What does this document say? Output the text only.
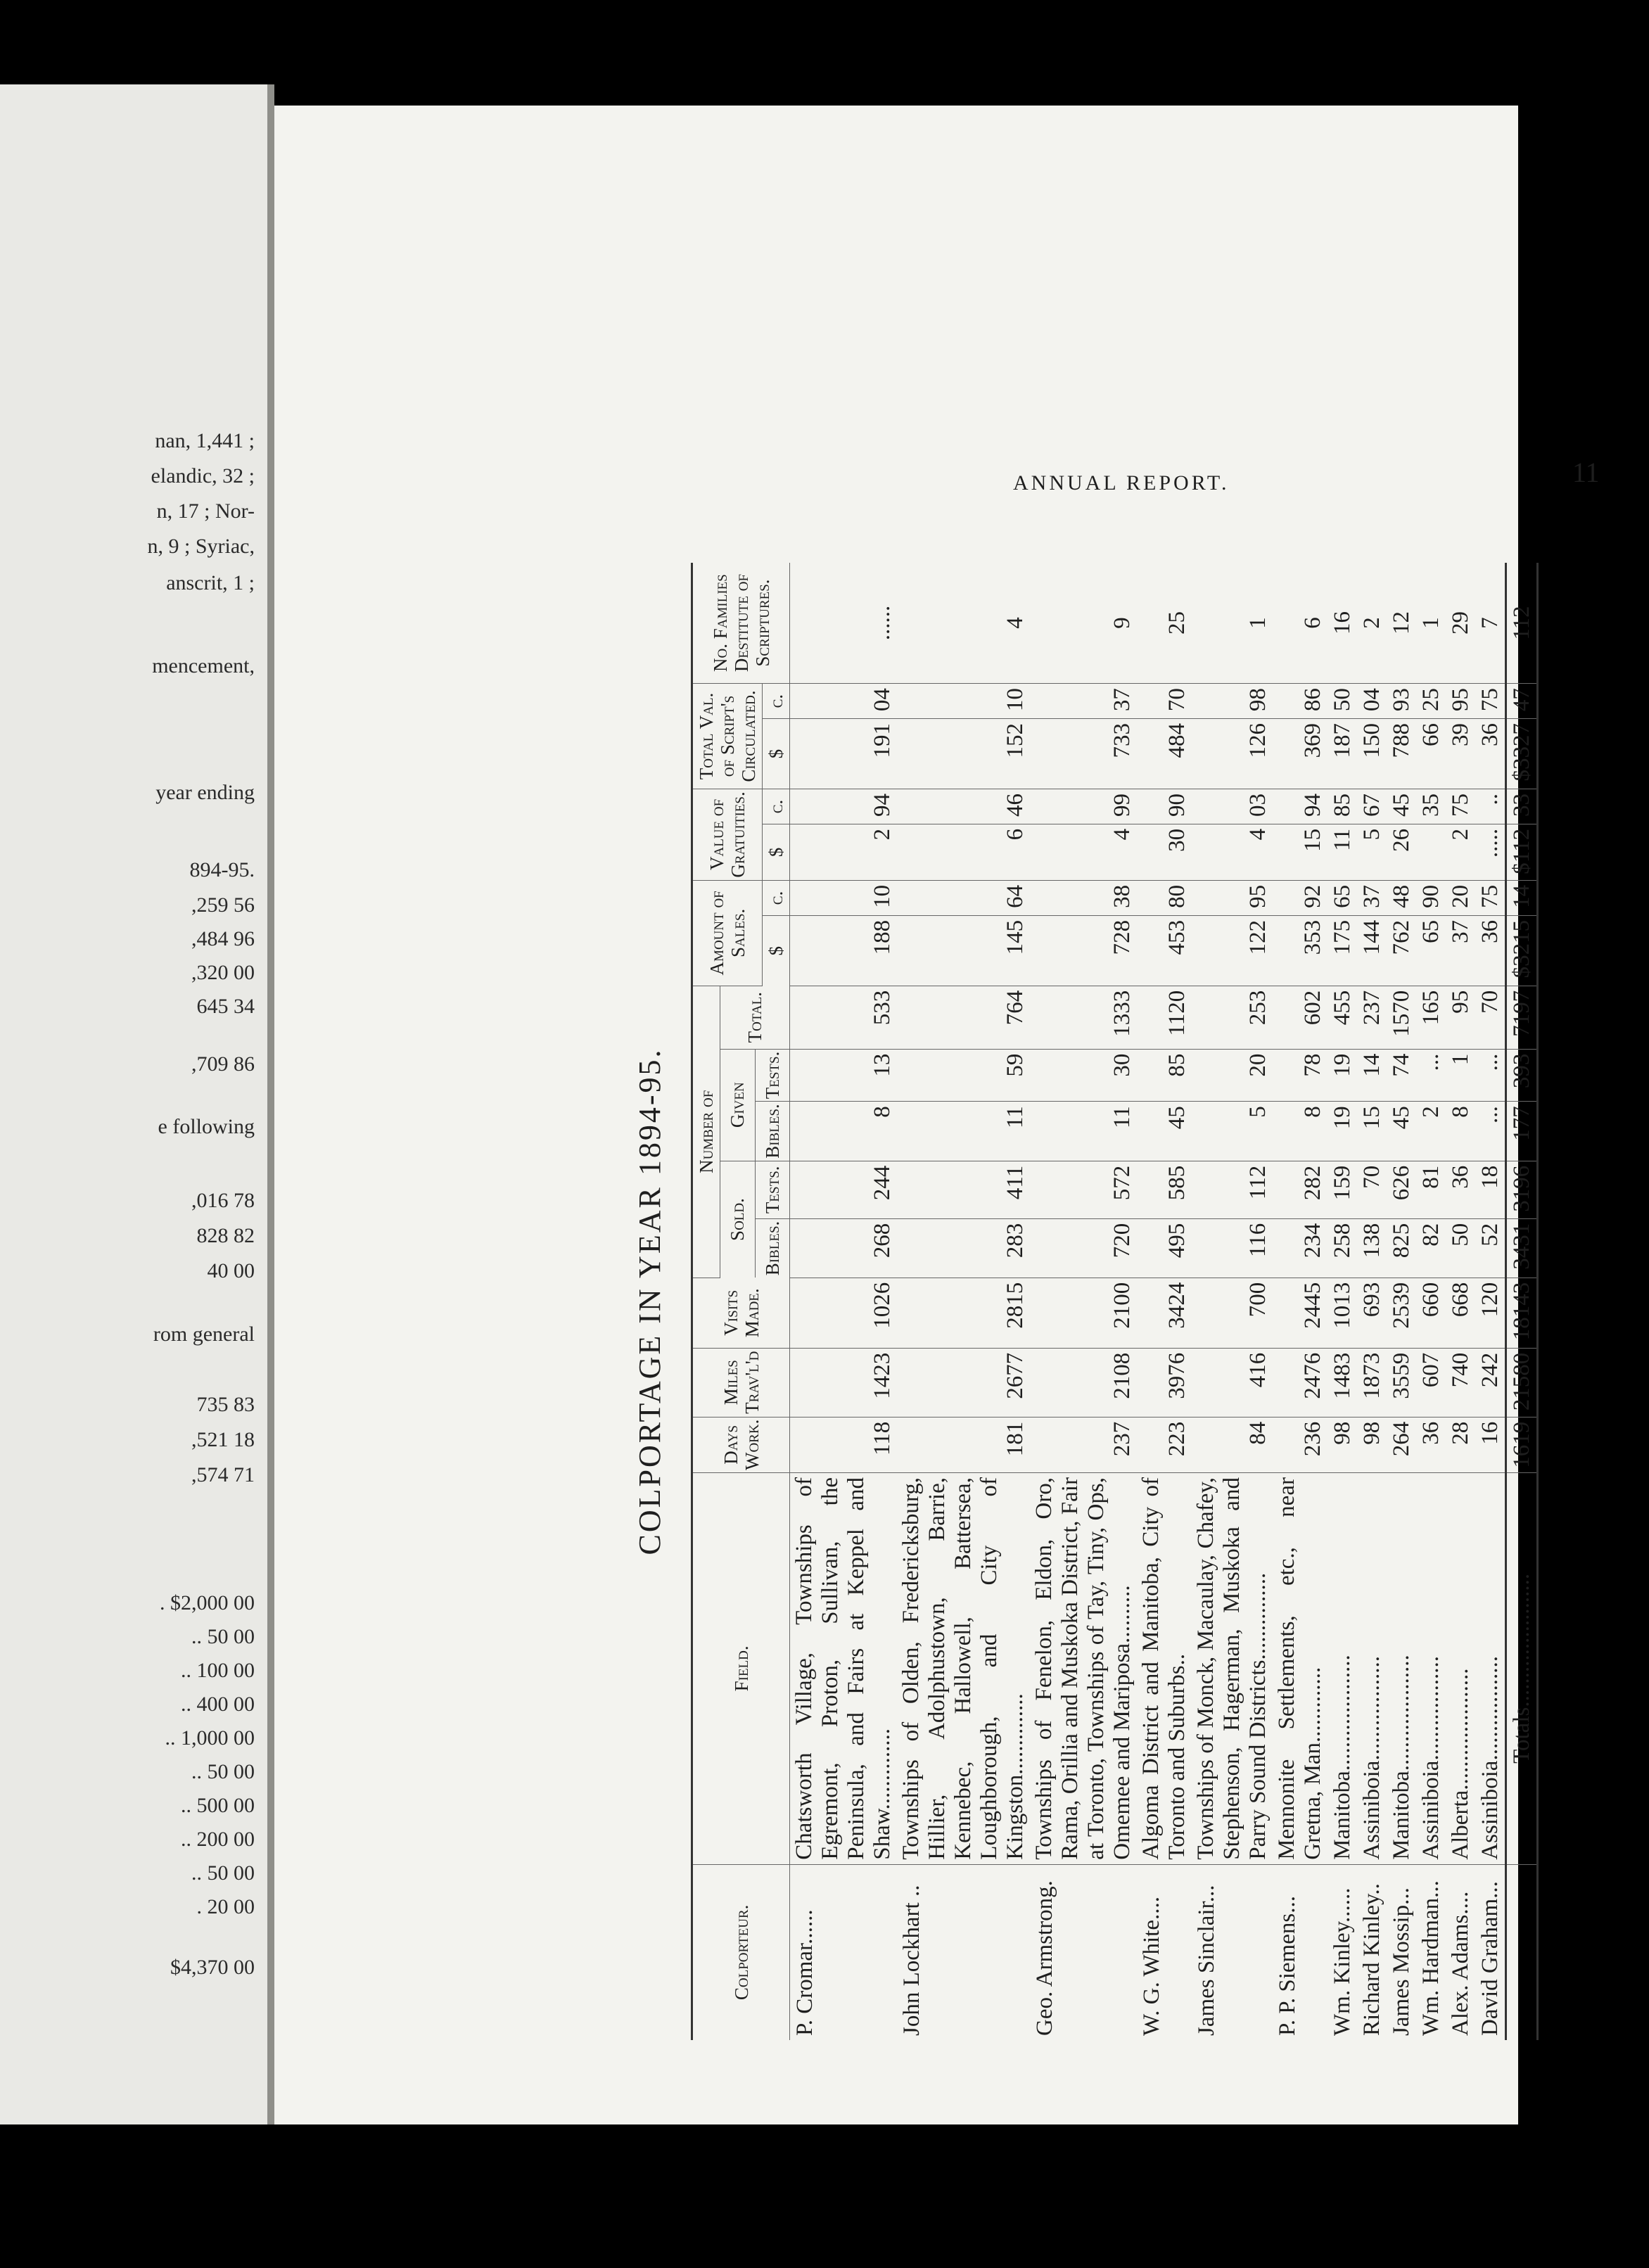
nan, 1,441 ;
elandic, 32 ;
n, 17 ; Nor-
n, 9 ; Syriac,
anscrit, 1 ;
mencement,
year ending
894-95.
,259 56
,484 96
,320 00
645 34
,709 86
e following
,016 78
828 82
40 00
rom general
735 83
,521 18
,574 71
. $2,000 00
.. 50 00
.. 100 00
.. 400 00
.. 1,000 00
.. 50 00
.. 500 00
.. 200 00
.. 50 00
. 20 00
$4,370 00
ANNUAL REPORT.	11
COLPORTAGE IN YEAR 1894-95.
Colporteur.	Field.	Days Work.	Miles Trav'l'd	Visits Made.	Number of					Amount of Sales.		Value of Gratuities.		Total Val. of Script's Circulated.		No. Families Destitute of Scriptures.
					Sold.		Given		Total.							
					Bibles.	Tests.	Bibles.	Tests.								
										$	c.	$	c.	$	c.	
P. Cromar......	Chatsworth Village, Townships of Egremont, Proton, Sullivan, the Peninsula, and Fairs at Keppel and Shaw..............	118	1423	1026	268	244	8	13	533	188	10	2	94	191	04	......
John Lockhart ..	Townships of Olden, Fredericksburg, Hillier, Adolphustown, Barrie, Kennebec, Hallowell, Battersea, Loughborough, and City of Kingston..............	181	2677	2815	283	411	11	59	764	145	64	6	46	152	10	4
Geo. Armstrong.	Townships of Fenelon, Eldon, Oro, Rama, Orillia and Muskoka District, Fair at Toronto, Townships of Tay, Tiny, Ops, Omemee and Mariposa..........	237	2108	2100	720	572	11	30	1333	728	38	4	99	733	37	9
W. G. White....	Algoma District and Manitoba, City of Toronto and Suburbs..	223	3976	3424	495	585	45	85	1120	453	80	30	90	484	70	25
James Sinclair...	Townships of Monck, Macaulay, Chafey, Stephenson, Hagerman, Muskoka and Parry Sound Districts...............	84	416	700	116	112	5	20	253	122	95	4	03	126	98	1
P. P. Siemens...	Mennonite Settlements, etc., near Gretna, Man.............	236	2476	2445	234	282	8	78	602	353	92	15	94	369	86	6
Wm. Kinley......	Manitoba....................	98	1483	1013	258	159	19	19	455	175	65	11	85	187	50	16
Richard Kinley..	Assiniboia..................	98	1873	693	138	70	15	14	237	144	37	5	67	150	04	2
James Mossip...	Manitoba....................	264	3559	2539	825	626	45	74	1570	762	48	26	45	788	93	12
Wm. Hardman...	Assiniboia..................	36	607	660	82	81	2	...	165	65	90		35	66	25	1
Alex. Adams....	Alberta.....................	28	740	668	50	36	8	1	95	37	20	2	75	39	95	29
David Graham...	Assiniboia..................	16	242	120	52	18	...	...	70	36	75	.....	..	36	75	7
	Totals.......................	1619	21580	18143	3431	3196	177	393	7197	$3215	14	$112	33	$3327	47	112
